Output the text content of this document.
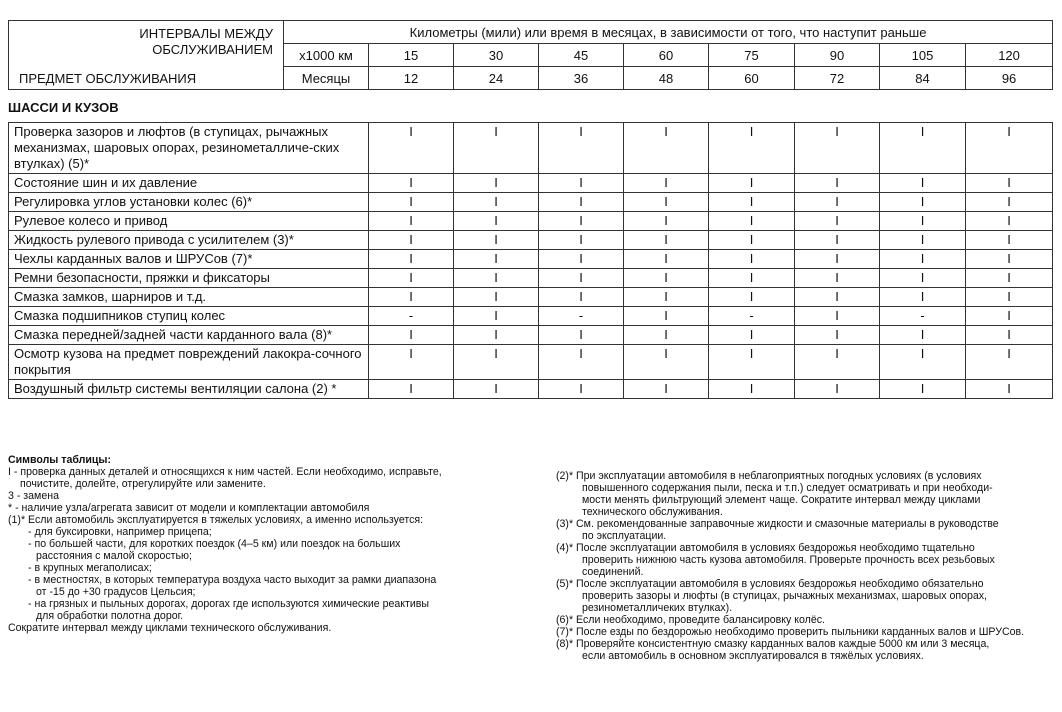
ИНТЕРВАЛЫ МЕЖДУ
ОБСЛУЖИВАНИЕМ
ПРЕДМЕТ ОБСЛУЖИВАНИЯ	Километры (мили) или время в месяцах, в зависимости от того, что наступит раньше								
	x1000 км	15	30	45	60	75	90	105	120
	Месяцы	12	24	36	48	60	72	84	96
ШАССИ И КУЗОВ
Проверка зазоров и люфтов (в ступицах, рычажных механизмах, шаровых опорах, резинометалличе-ских втулках) (5)*	I	I	I	I	I	I	I	I
Состояние шин и их давление	I	I	I	I	I	I	I	I
Регулировка углов установки колес (6)*	I	I	I	I	I	I	I	I
Рулевое колесо и привод	I	I	I	I	I	I	I	I
Жидкость рулевого привода с усилителем (3)*	I	I	I	I	I	I	I	I
Чехлы карданных валов и ШРУСов (7)*	I	I	I	I	I	I	I	I
Ремни безопасности, пряжки и фиксаторы	I	I	I	I	I	I	I	I
Смазка замков, шарниров и т.д.	I	I	I	I	I	I	I	I
Смазка подшипников ступиц колес	-	I	-	I	-	I	-	I
Смазка передней/задней части карданного вала (8)*	I	I	I	I	I	I	I	I
Осмотр кузова на предмет повреждений лакокра-сочного покрытия	I	I	I	I	I	I	I	I
Воздушный фильтр системы вентиляции салона (2) *	I	I	I	I	I	I	I	I
Символы таблицы:
I - проверка данных деталей и относящихся к ним частей. Если необходимо, исправьте,
почистите, долейте, отрегулируйте или замените.
3 - замена
* - наличие узла/агрегата зависит от модели и комплектации автомобиля
(1)* Если автомобиль эксплуатируется в тяжелых условиях, а именно используется:
- для буксировки, например прицепа;
- по большей части, для коротких поездок (4–5 км) или поездок на больших
расстояния с малой скоростью;
- в крупных мегаполисах;
- в местностях, в которых температура воздуха часто выходит за рамки диапазона
от -15 до +30 градусов Цельсия;
- на грязных и пыльных дорогах, дорогах где используются химические реактивы
для обработки полотна дорог.
Сократите интервал между циклами технического обслуживания.
(2)* При эксплуатации автомобиля в неблагоприятных погодных условиях (в условиях
повышенного содержания пыли, песка и т.п.) следует осматривать и при необходи-
мости менять фильтрующий элемент чаще. Сократите интервал между циклами
технического обслуживания.
(3)* См. рекомендованные заправочные жидкости и смазочные материалы в руководстве
по эксплуатации.
(4)* После эксплуатации автомобиля в условиях бездорожья необходимо тщательно
проверить нижнюю часть кузова автомобиля. Проверьте прочность всех резьбовых
соединений.
(5)* После эксплуатации автомобиля в условиях бездорожья необходимо обязательно
проверить зазоры и люфты (в ступицах, рычажных механизмах, шаровых опорах,
резинометалличеких втулках).
(6)* Если необходимо, проведите балансировку колёс.
(7)* После езды по бездорожью необходимо проверить пыльники карданных валов и ШРУСов.
(8)* Проверяйте консистентную смазку карданных валов каждые 5000 км или 3 месяца,
если автомобиль в основном эксплуатировался в тяжёлых условиях.
